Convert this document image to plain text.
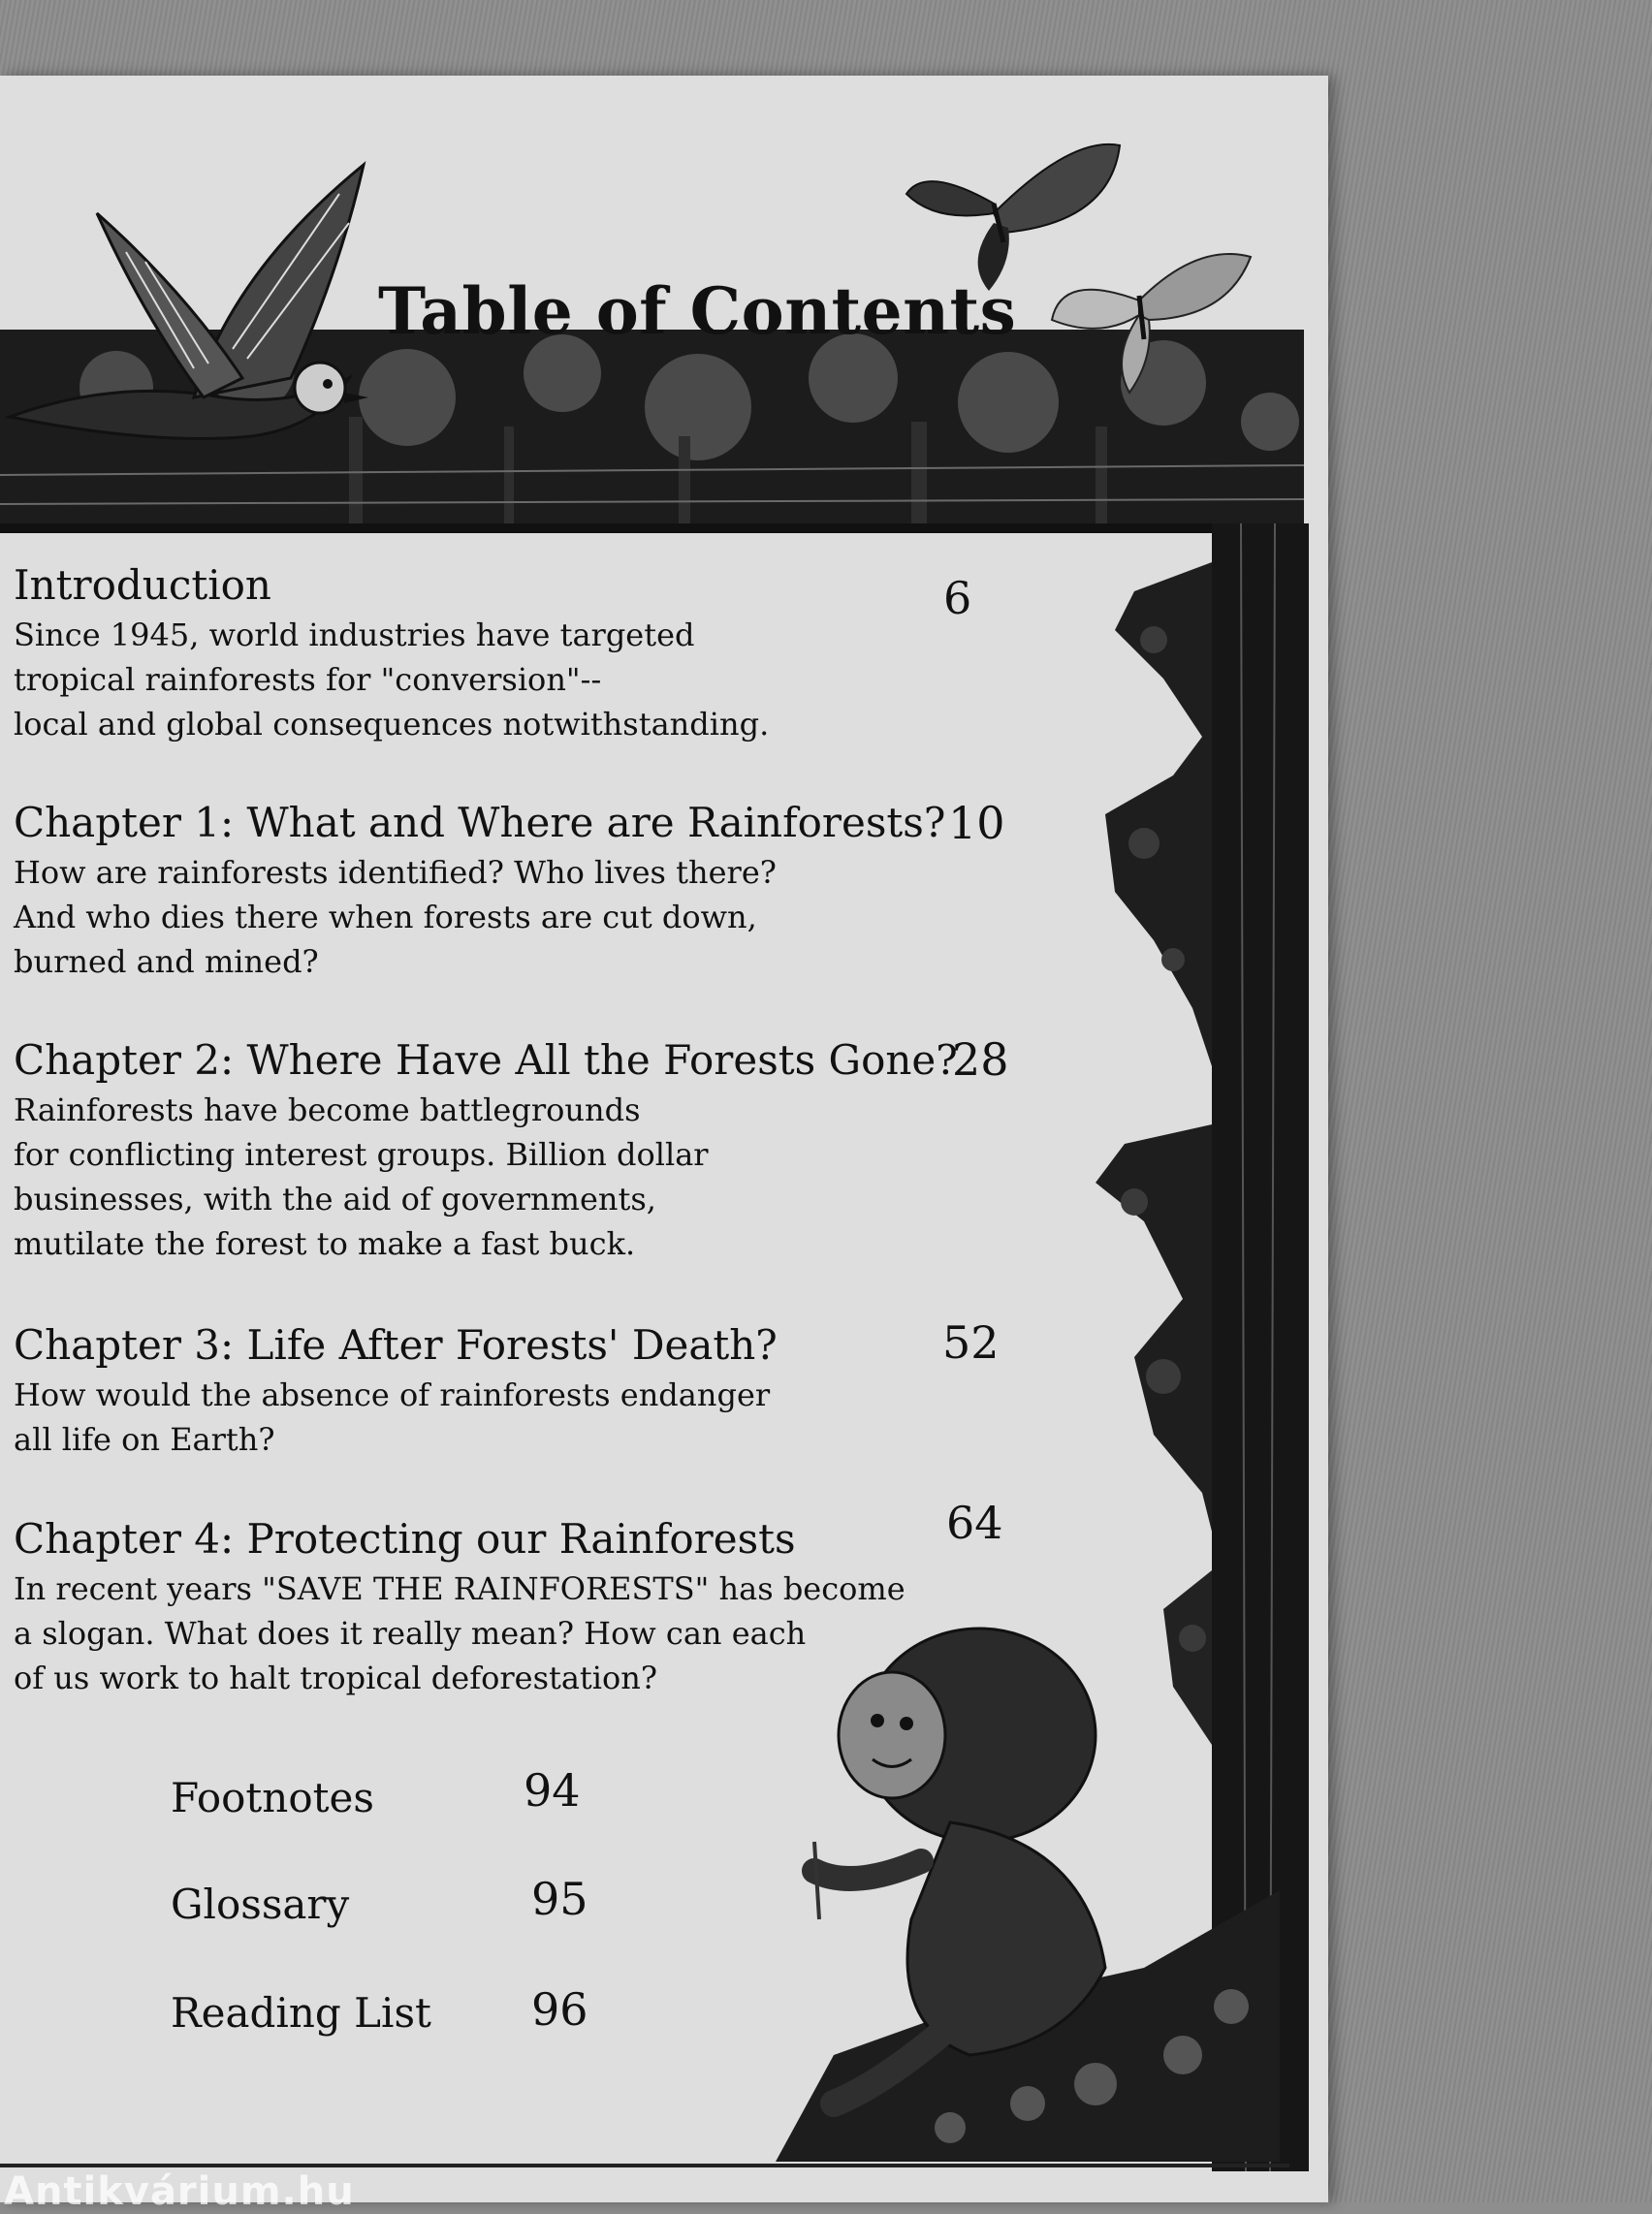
Table of Contents
Introduction

Since 1945, world industries have targeted
tropical rainforests for "conversion"--
local and global consequences notwithstanding.

6
Chapter 1: What and Where are Rainforests?

How are rainforests identified? Who lives there?
And who dies there when forests are cut down,
burned and mined?

10
Chapter 2: Where Have All the Forests Gone?

Rainforests have become battlegrounds
for conflicting interest groups. Billion dollar
businesses, with the aid of governments,
mutilate the forest to make a fast buck.

28
Chapter 3: Life After Forests' Death?

How would the absence of rainforests endanger
all life on Earth?

52
Chapter 4: Protecting our Rainforests

In recent years "SAVE THE RAINFORESTS" has become
a slogan. What does it really mean? How can each
of us work to halt tropical deforestation?

64
Footnotes	94
Glossary	95
Reading List 96
Antikvárium.hu
